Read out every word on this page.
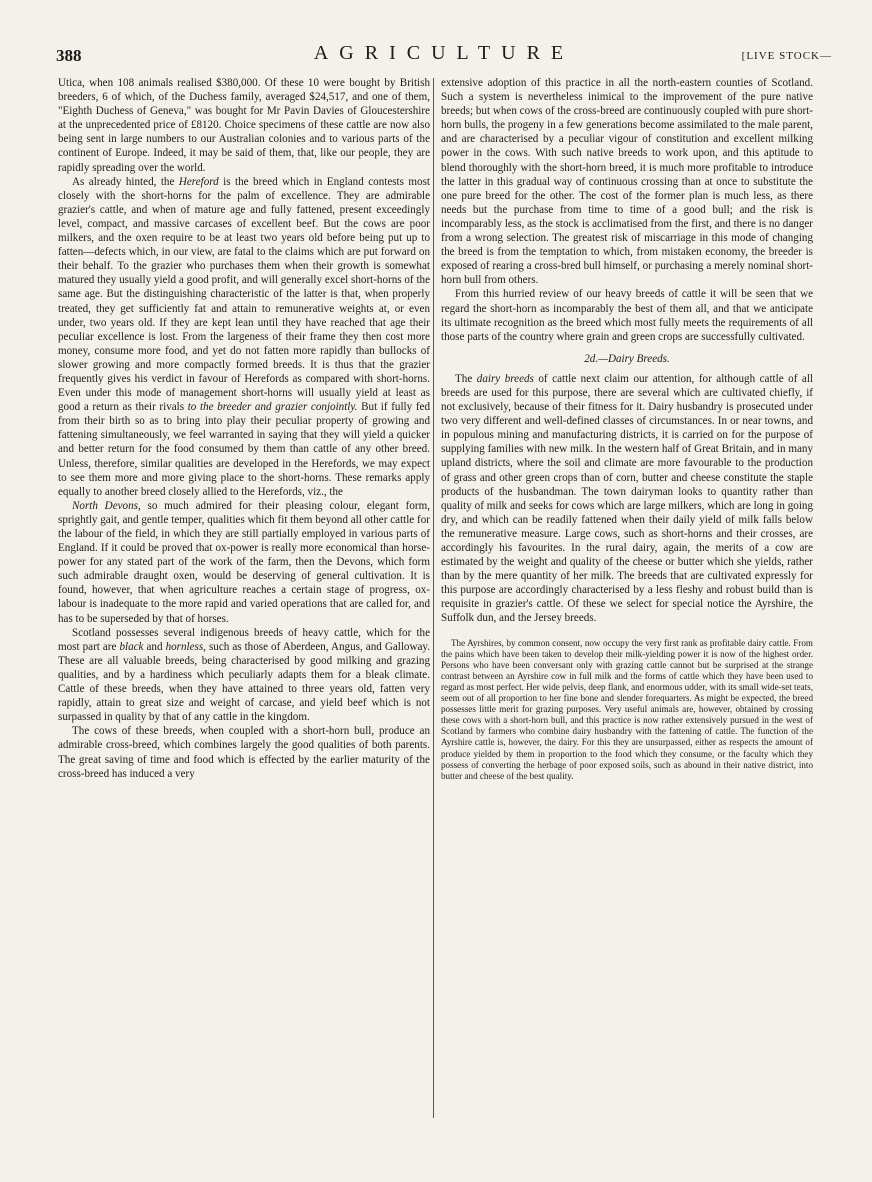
388	AGRICULTURE	[LIVE STOCK—

Utica, when 108 animals realised $380,000. Of these 10 were bought by British breeders, 6 of which, of the Duchess family, averaged $24,517, and one of them, "Eighth Duchess of Geneva," was bought for Mr Pavin Davies of Gloucestershire at the unprecedented price of £8120. Choice specimens of these cattle are now also being sent in large numbers to our Australian colonies and to various parts of the continent of Europe. Indeed, it may be said of them, that, like our people, they are rapidly spreading over the world.

As already hinted, the Hereford is the breed which in England contests most closely with the short-horns for the palm of excellence. They are admirable grazier's cattle, and when of mature age and fully fattened, present exceedingly level, compact, and massive carcases of excellent beef. But the cows are poor milkers, and the oxen require to be at least two years old before being put up to fatten—defects which, in our view, are fatal to the claims which are put forward on their behalf. To the grazier who purchases them when their growth is somewhat matured they usually yield a good profit, and will generally excel short-horns of the same age. But the distinguishing characteristic of the latter is that, when properly treated, they get sufficiently fat and attain to remunerative weights at, or even under, two years old. If they are kept lean until they have reached that age their peculiar excellence is lost. From the largeness of their frame they then cost more money, consume more food, and yet do not fatten more rapidly than bullocks of slower growing and more compactly formed breeds. It is thus that the grazier frequently gives his verdict in favour of Herefords as compared with short-horns. Even under this mode of management short-horns will usually yield at least as good a return as their rivals to the breeder and grazier conjointly. But if fully fed from their birth so as to bring into play their peculiar property of growing and fattening simultaneously, we feel warranted in saying that they will yield a quicker and better return for the food consumed by them than cattle of any other breed. Unless, therefore, similar qualities are developed in the Herefords, we may expect to see them more and more giving place to the short-horns. These remarks apply equally to another breed closely allied to the Herefords, viz., the

North Devons, so much admired for their pleasing colour, elegant form, sprightly gait, and gentle temper, qualities which fit them beyond all other cattle for the labour of the field, in which they are still partially employed in various parts of England. If it could be proved that ox-power is really more economical than horse-power for any stated part of the work of the farm, then the Devons, which form such admirable draught oxen, would be deserving of general cultivation. It is found, however, that when agriculture reaches a certain stage of progress, ox-labour is inadequate to the more rapid and varied operations that are called for, and has to be superseded by that of horses.

Scotland possesses several indigenous breeds of heavy cattle, which for the most part are black and hornless, such as those of Aberdeen, Angus, and Galloway. These are all valuable breeds, being characterised by good milking and grazing qualities, and by a hardiness which peculiarly adapts them for a bleak climate. Cattle of these breeds, when they have attained to three years old, fatten very rapidly, attain to great size and weight of carcase, and yield beef which is not surpassed in quality by that of any cattle in the kingdom.

The cows of these breeds, when coupled with a short-horn bull, produce an admirable cross-breed, which combines largely the good qualities of both parents. The great saving of time and food which is effected by the earlier maturity of the cross-breed has induced a very

extensive adoption of this practice in all the north-eastern counties of Scotland. Such a system is nevertheless inimical to the improvement of the pure native breeds; but when cows of the cross-breed are continuously coupled with pure short-horn bulls, the progeny in a few generations become assimilated to the male parent, and are characterised by a peculiar vigour of constitution and excellent milking power in the cows. With such native breeds to work upon, and this aptitude to blend thoroughly with the short-horn breed, it is much more profitable to introduce the latter in this gradual way of continuous crossing than at once to substitute the one pure breed for the other. The cost of the former plan is much less, as there needs but the purchase from time to time of a good bull; and the risk is incomparably less, as the stock is acclimatised from the first, and there is no danger from a wrong selection. The greatest risk of miscarriage in this mode of changing the breed is from the temptation to which, from mistaken economy, the breeder is exposed of rearing a cross-bred bull himself, or purchasing a merely nominal short-horn bull from others.

From this hurried review of our heavy breeds of cattle it will be seen that we regard the short-horn as incomparably the best of them all, and that we anticipate its ultimate recognition as the breed which most fully meets the requirements of all those parts of the country where grain and green crops are successfully cultivated.

2d.—Dairy Breeds.

The dairy breeds of cattle next claim our attention, for although cattle of all breeds are used for this purpose, there are several which are cultivated chiefly, if not exclusively, because of their fitness for it. Dairy husbandry is prosecuted under two very different and well-defined classes of circumstances. In or near towns, and in populous mining and manufacturing districts, it is carried on for the purpose of supplying families with new milk. In the western half of Great Britain, and in many upland districts, where the soil and climate are more favourable to the production of grass and other green crops than of corn, butter and cheese constitute the staple products of the husbandman. The town dairyman looks to quantity rather than quality of milk and seeks for cows which are large milkers, which are long in going dry, and which can be readily fattened when their daily yield of milk falls below the remunerative measure. Large cows, such as short-horns and their crosses, are accordingly his favourites. In the rural dairy, again, the merits of a cow are estimated by the weight and quality of the cheese or butter which she yields, rather than by the mere quantity of her milk. The breeds that are cultivated expressly for this purpose are accordingly characterised by a less fleshy and robust build than is requisite in grazier's cattle. Of these we select for special notice the Ayrshire, the Suffolk dun, and the Jersey breeds.

The Ayrshires, by common consent, now occupy the very first rank as profitable dairy cattle. From the pains which have been taken to develop their milk-yielding power it is now of the highest order. Persons who have been conversant only with grazing cattle cannot but be surprised at the strange contrast between an Ayrshire cow in full milk and the forms of cattle which they have been used to regard as most perfect. Her wide pelvis, deep flank, and enormous udder, with its small wide-set teats, seem out of all proportion to her fine bone and slender forequarters. As might be expected, the breed possesses little merit for grazing purposes. Very useful animals are, however, obtained by crossing these cows with a short-horn bull, and this practice is now rather extensively pursued in the west of Scotland by farmers who combine dairy husbandry with the fattening of cattle. The function of the Ayrshire cattle is, however, the dairy. For this they are unsurpassed, either as respects the amount of produce yielded by them in proportion to the food which they consume, or the faculty which they possess of converting the herbage of poor exposed soils, such as abound in their native district, into butter and cheese of the best quality.
